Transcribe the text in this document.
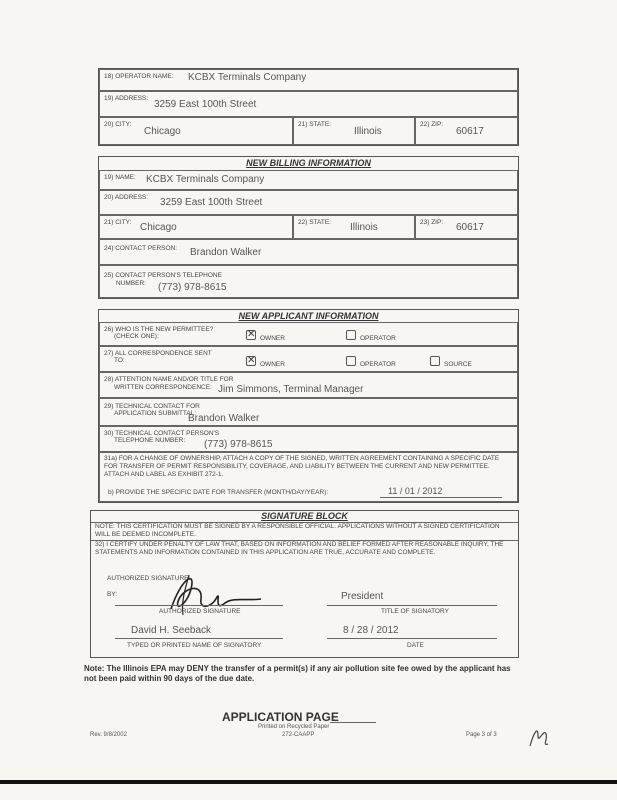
18) OPERATOR NAME: KCBX Terminals Company
19) ADDRESS:
3259 East 100th Street
20) CITY:
Chicago
21) STATE:
Illinois
22) ZIP:
60617
NEW BILLING INFORMATION
19) NAME: KCBX Terminals Company
20) ADDRESS: 3259 East 100th Street
21) CITY: Chicago	22) STATE: Illinois	23) ZIP: 60617
24) CONTACT PERSON: Brandon Walker
25) CONTACT PERSON'S TELEPHONE
NUMBER: (773) 978-8615
NEW APPLICANT INFORMATION
26) WHO IS THE NEW PERMITTEE?
(CHECK ONE):	✕ OWNER	OPERATOR
27) ALL CORRESPONDENCE SENT
TO:	✕ OWNER	OPERATOR	SOURCE
28) ATTENTION NAME AND/OR TITLE FOR
WRITTEN CORRESPONDENCE: Jim Simmons, Terminal Manager
29) TECHNICAL CONTACT FOR
APPLICATION SUBMITTAL:
Brandon Walker
30) TECHNICAL CONTACT PERSON'S
TELEPHONE NUMBER: (773) 978-8615
31a) FOR A CHANGE OF OWNERSHIP, ATTACH A COPY OF THE SIGNED, WRITTEN AGREEMENT CONTAINING A SPECIFIC DATE FOR TRANSFER OF PERMIT RESPONSIBILITY, COVERAGE, AND LIABILITY BETWEEN THE CURRENT AND NEW PERMITTEE. ATTACH AND LABEL AS EXHIBIT 272-1.
b) PROVIDE THE SPECIFIC DATE FOR TRANSFER (MONTH/DAY/YEAR):	11 / 01 / 2012
SIGNATURE BLOCK
NOTE: THIS CERTIFICATION MUST BE SIGNED BY A RESPONSIBLE OFFICIAL. APPLICATIONS WITHOUT A SIGNED CERTIFICATION WILL BE DEEMED INCOMPLETE.
32) I CERTIFY UNDER PENALTY OF LAW THAT, BASED ON INFORMATION AND BELIEF FORMED AFTER REASONABLE INQUIRY, THE STATEMENTS AND INFORMATION CONTAINED IN THIS APPLICATION ARE TRUE, ACCURATE AND COMPLETE.
AUTHORIZED SIGNATURE:
BY:
AUTHORIZED SIGNATURE
President
TITLE OF SIGNATORY
David H. Seeback
TYPED OR PRINTED NAME OF SIGNATORY
8 / 28 / 2012
DATE
Note: The Illinois EPA may DENY the transfer of a permit(s) if any air pollution site fee owed by the applicant has not been paid within 90 days of the due date.
APPLICATION PAGE
Printed on Recycled Paper
272-CAAPP
Rev. 9/8/2002	Page 3 of 3
